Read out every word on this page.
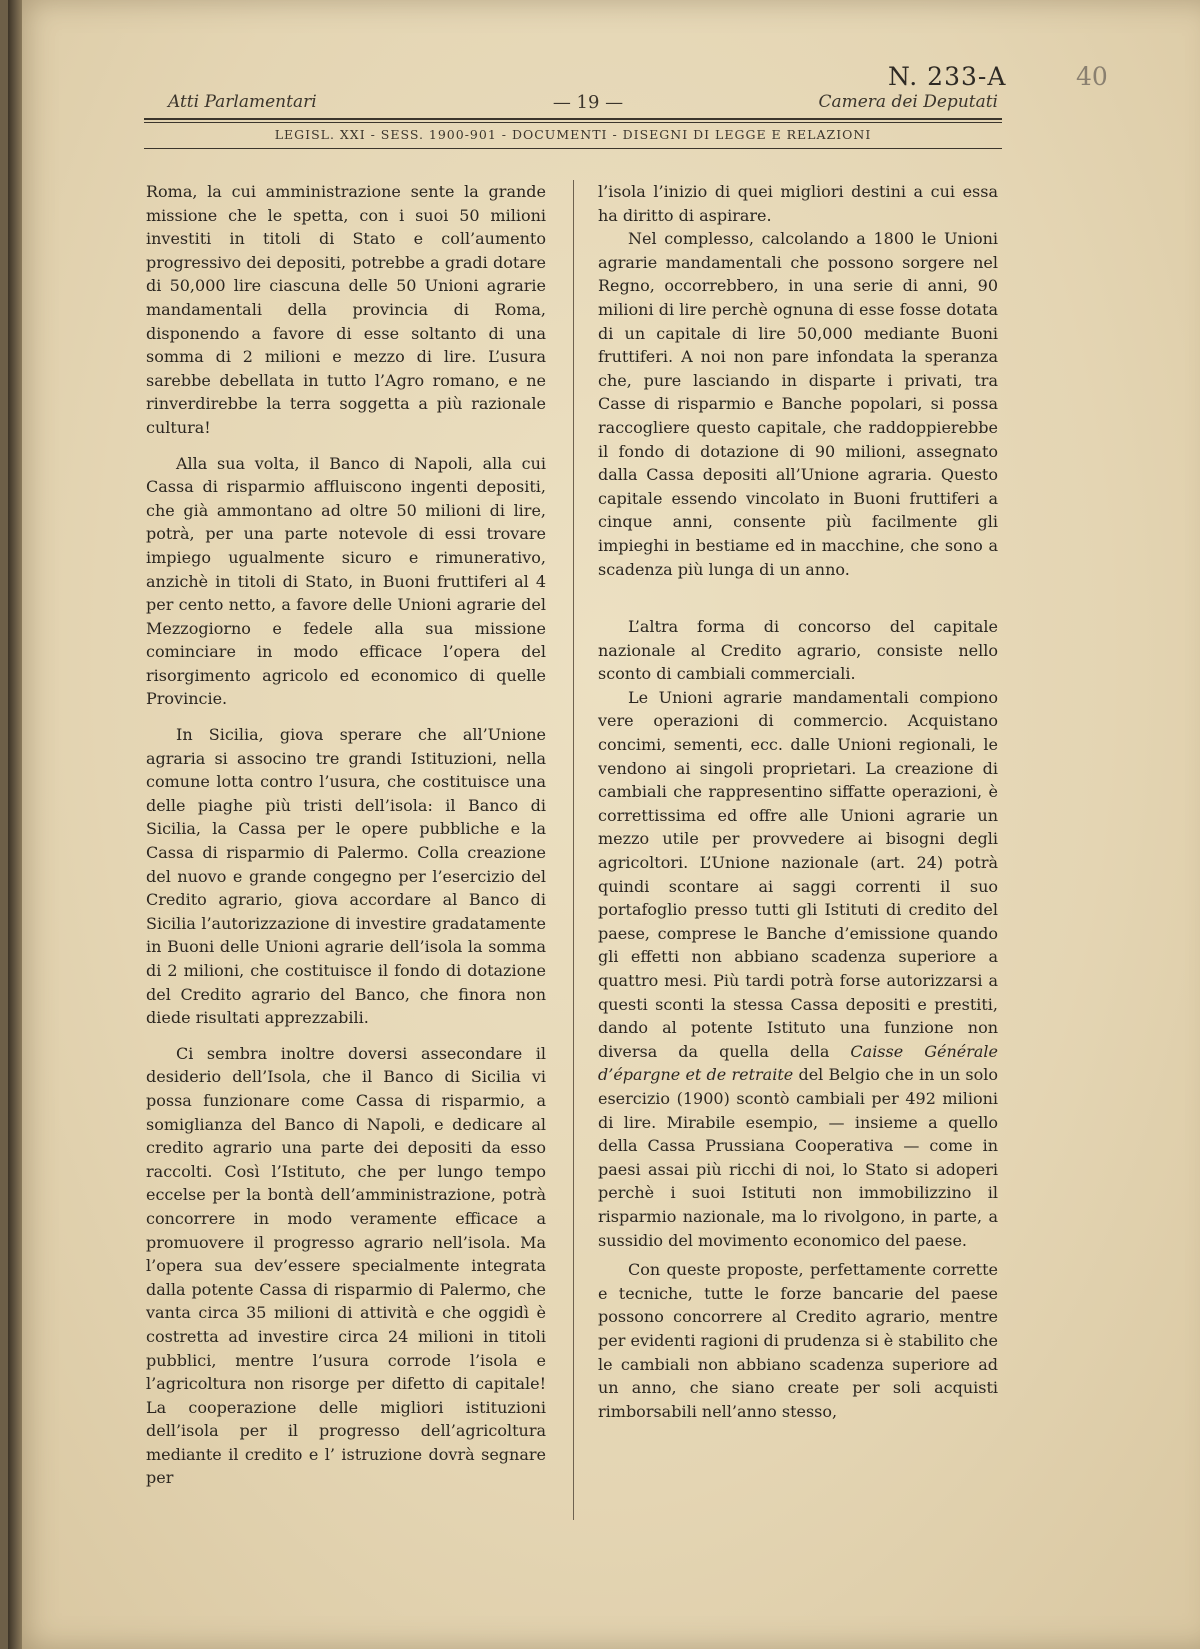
N. 233-A	40
Atti Parlamentari	— 19 —	Camera dei Deputati
LEGISL. XXI - SESS. 1900-901 - DOCUMENTI - DISEGNI DI LEGGE E RELAZIONI

Roma, la cui amministrazione sente la grande missione che le spetta, con i suoi 50 milioni investiti in titoli di Stato e coll’aumento progressivo dei depositi, potrebbe a gradi dotare di 50,000 lire ciascuna delle 50 Unioni agrarie mandamentali della provincia di Roma, disponendo a favore di esse soltanto di una somma di 2 milioni e mezzo di lire. L’usura sarebbe debellata in tutto l’Agro romano, e ne rinverdirebbe la terra soggetta a più razionale cultura!

Alla sua volta, il Banco di Napoli, alla cui Cassa di risparmio affluiscono ingenti depositi, che già ammontano ad oltre 50 milioni di lire, potrà, per una parte notevole di essi trovare impiego ugualmente sicuro e rimunerativo, anzichè in titoli di Stato, in Buoni fruttiferi al 4 per cento netto, a favore delle Unioni agrarie del Mezzogiorno e fedele alla sua missione cominciare in modo efficace l’opera del risorgimento agricolo ed economico di quelle Provincie.

In Sicilia, giova sperare che all’Unione agraria si associno tre grandi Istituzioni, nella comune lotta contro l’usura, che costituisce una delle piaghe più tristi dell’isola: il Banco di Sicilia, la Cassa per le opere pubbliche e la Cassa di risparmio di Palermo. Colla creazione del nuovo e grande congegno per l’esercizio del Credito agrario, giova accordare al Banco di Sicilia l’autorizzazione di investire gradatamente in Buoni delle Unioni agrarie dell’isola la somma di 2 milioni, che costituisce il fondo di dotazione del Credito agrario del Banco, che finora non diede risultati apprezzabili.

Ci sembra inoltre doversi assecondare il desiderio dell’Isola, che il Banco di Sicilia vi possa funzionare come Cassa di risparmio, a somiglianza del Banco di Napoli, e dedicare al credito agrario una parte dei depositi da esso raccolti. Così l’Istituto, che per lungo tempo eccelse per la bontà dell’amministrazione, potrà concorrere in modo veramente efficace a promuovere il progresso agrario nell’isola. Ma l’opera sua dev’essere specialmente integrata dalla potente Cassa di risparmio di Palermo, che vanta circa 35 milioni di attività e che oggidì è costretta ad investire circa 24 milioni in titoli pubblici, mentre l’usura corrode l’isola e l’agricoltura non risorge per difetto di capitale! La cooperazione delle migliori istituzioni dell’isola per il progresso dell’agricoltura mediante il credito e l’ istruzione dovrà segnare per

l’isola l’inizio di quei migliori destini a cui essa ha diritto di aspirare.

Nel complesso, calcolando a 1800 le Unioni agrarie mandamentali che possono sorgere nel Regno, occorrebbero, in una serie di anni, 90 milioni di lire perchè ognuna di esse fosse dotata di un capitale di lire 50,000 mediante Buoni fruttiferi. A noi non pare infondata la speranza che, pure lasciando in disparte i privati, tra Casse di risparmio e Banche popolari, si possa raccogliere questo capitale, che raddoppierebbe il fondo di dotazione di 90 milioni, assegnato dalla Cassa depositi all’Unione agraria. Questo capitale essendo vincolato in Buoni fruttiferi a cinque anni, consente più facilmente gli impieghi in bestiame ed in macchine, che sono a scadenza più lunga di un anno.

L’altra forma di concorso del capitale nazionale al Credito agrario, consiste nello sconto di cambiali commerciali.

Le Unioni agrarie mandamentali compiono vere operazioni di commercio. Acquistano concimi, sementi, ecc. dalle Unioni regionali, le vendono ai singoli proprietari. La creazione di cambiali che rappresentino siffatte operazioni, è correttissima ed offre alle Unioni agrarie un mezzo utile per provvedere ai bisogni degli agricoltori. L’Unione nazionale (art. 24) potrà quindi scontare ai saggi correnti il suo portafoglio presso tutti gli Istituti di credito del paese, comprese le Banche d’emissione quando gli effetti non abbiano scadenza superiore a quattro mesi. Più tardi potrà forse autorizzarsi a questi sconti la stessa Cassa depositi e prestiti, dando al potente Istituto una funzione non diversa da quella della Caisse Générale d’épargne et de retraite del Belgio che in un solo esercizio (1900) scontò cambiali per 492 milioni di lire. Mirabile esempio, — insieme a quello della Cassa Prussiana Cooperativa — come in paesi assai più ricchi di noi, lo Stato si adoperi perchè i suoi Istituti non immobilizzino il risparmio nazionale, ma lo rivolgono, in parte, a sussidio del movimento economico del paese.

Con queste proposte, perfettamente corrette e tecniche, tutte le forze bancarie del paese possono concorrere al Credito agrario, mentre per evidenti ragioni di prudenza si è stabilito che le cambiali non abbiano scadenza superiore ad un anno, che siano create per soli acquisti rimborsabili nell’anno stesso,
